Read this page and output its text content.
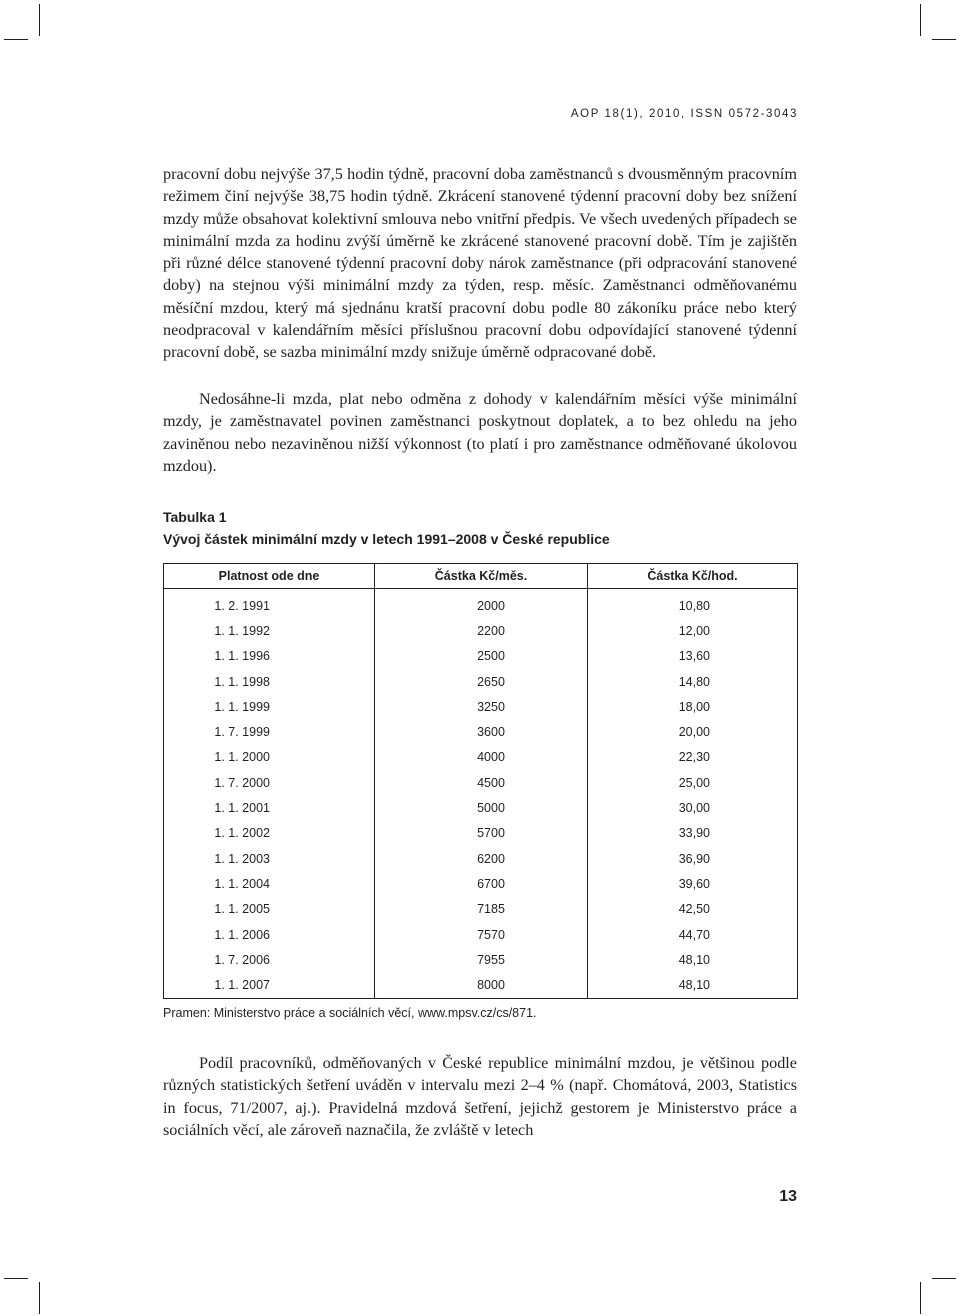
AOP 18(1), 2010, ISSN 0572-3043

pracovní dobu nejvýše 37,5 hodin týdně, pracovní doba zaměstnanců s dvousměnným pracovním režimem činí nejvýše 38,75 hodin týdně. Zkrácení stanovené týdenní pracovní doby bez snížení mzdy může obsahovat kolektivní smlouva nebo vnitřní předpis. Ve všech uvedených případech se minimální mzda za hodinu zvýší úměrně ke zkrácené stanovené pracovní době. Tím je zajištěn při různé délce stanovené týdenní pracovní doby nárok zaměstnance (při odpracování stanovené doby) na stejnou výši minimální mzdy za týden, resp. měsíc. Zaměstnanci odměňovanému měsíční mzdou, který má sjednánu kratší pracovní dobu podle 80 zákoníku práce nebo který neodpracoval v kalendářním měsíci příslušnou pracovní dobu odpovídající stanovené týdenní pracovní době, se sazba minimální mzdy snižuje úměrně odpracované době.

Nedosáhne-li mzda, plat nebo odměna z dohody v kalendářním měsíci výše minimální mzdy, je zaměstnavatel povinen zaměstnanci poskytnout doplatek, a to bez ohledu na jeho zaviněnou nebo nezaviněnou nižší výkonnost (to platí i pro zaměstnance odměňované úkolovou mzdou).

Tabulka 1
Vývoj částek minimální mzdy v letech 1991–2008 v České republice
Platnost ode dne	Částka Kč/měs.	Částka Kč/hod.
1. 2. 1991	2000	10,80
1. 1. 1992	2200	12,00
1. 1. 1996	2500	13,60
1. 1. 1998	2650	14,80
1. 1. 1999	3250	18,00
1. 7. 1999	3600	20,00
1. 1. 2000	4000	22,30
1. 7. 2000	4500	25,00
1. 1. 2001	5000	30,00
1. 1. 2002	5700	33,90
1. 1. 2003	6200	36,90
1. 1. 2004	6700	39,60
1. 1. 2005	7185	42,50
1. 1. 2006	7570	44,70
1. 7. 2006	7955	48,10
1. 1. 2007	8000	48,10
Pramen: Ministerstvo práce a sociálních věcí, www.mpsv.cz/cs/871.

Podíl pracovníků, odměňovaných v České republice minimální mzdou, je většinou podle různých statistických šetření uváděn v intervalu mezi 2–4 % (např. Chomátová, 2003, Statistics in focus, 71/2007, aj.). Pravidelná mzdová šetření, jejichž gestorem je Ministerstvo práce a sociálních věcí, ale zároveň naznačila, že zvláště v letech

13
